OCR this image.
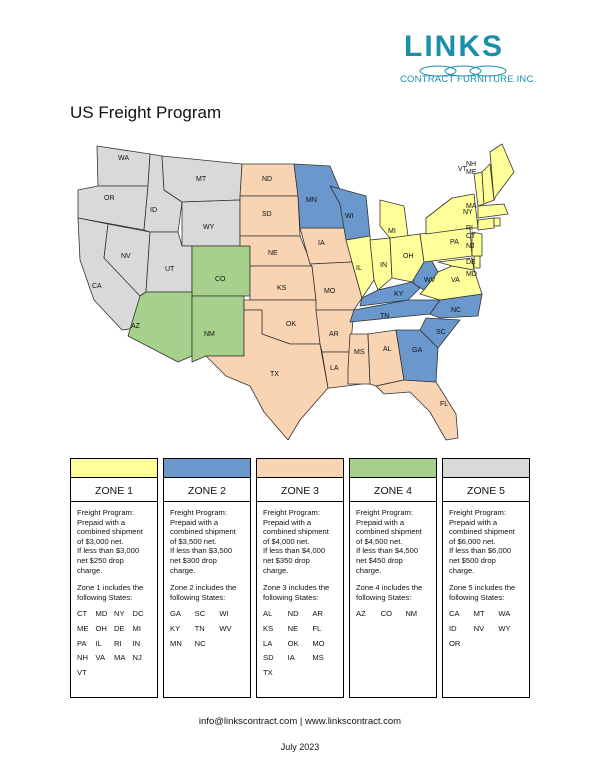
LINKS
CONTRACT FURNITURE INC.
US Freight Program
WA
OR
CA
ID
NV
MT
WY
UT
CO
AZ
NM
ND
SD
NE
KS
OK
TX
MN
IA
MO
AR
LA
WI
IL
MI
IN
OH
KY
TN
MS	AL	GA
FL
SC
NC
VA
WV
PA
NY
VT
NH
ME
MA
RI
CT
NJ
DE
MD
ZONE 1

Freight Program:

Prepaid with a combined shipment of $3,000 net.

If less than $3,000 net $250 drop charge.

Zone 1 includes the following States:

CT	MD NY	DC
ME OH DE	MI
PA	IL	RI	IN
NH VA	MA NJ
VT
ZONE 2

Freight Program:

Prepaid with a combined shipment of $3,500 net.

If less than $3,500 net $300 drop charge.

Zone 2 includes the following States:

GA	SC	WI
KY	TN	WV
MN	NC
ZONE 3

Freight Program:

Prepaid with a combined shipment of $4,000 net.

If less than $4,000 net $350 drop charge.

Zone 3 includes the following States:

AL	ND	AR
KS	NE	FL
LA	OK	MO
SD	IA	MS
TX
ZONE 4

Freight Program:

Prepaid with a combined shipment of $4,500 net.

If less than $4,500 net $450 drop charge.

Zone 4 includes the following States:

AZ	CO	NM
ZONE 5

Freight Program:

Prepaid with a combined shipment of $6,000 net.

If less than $6,000 net $500 drop charge.

Zone 5 includes the following States:

CA	MT	WA
ID	NV	WY
OR
info@linkscontract.com | www.linkscontract.com
July 2023
